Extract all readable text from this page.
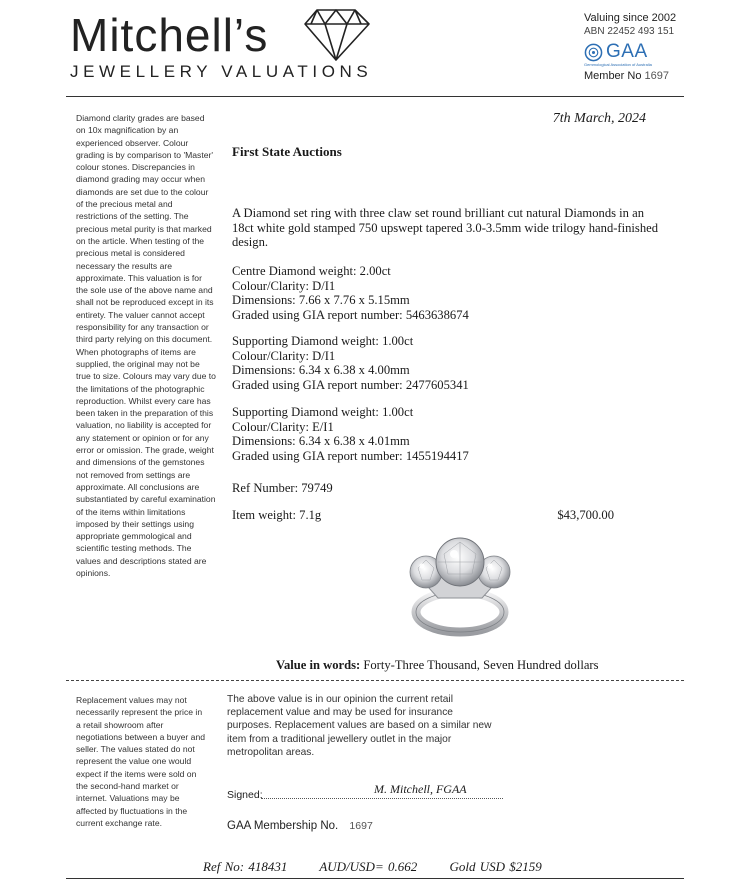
Mitchell’s
JEWELLERY VALUATIONS
Valuing since 2002
ABN 22452 493 151
GAA
Gemmological Association of Australia
Member No 1697
Diamond clarity grades are based on 10x magnification by an experienced observer. Colour grading is by comparison to 'Master' colour stones. Discrepancies in diamond grading may occur when diamonds are set due to the colour of the precious metal and restrictions of the setting. The precious metal purity is that marked on the article. When testing of the precious metal is considered necessary the results are approximate. This valuation is for the sole use of the above name and shall not be reproduced except in its entirety. The valuer cannot accept responsibility for any transaction or third party relying on this document. When photographs of items are supplied, the original may not be true to size. Colours may vary due to the limitations of the photographic reproduction. Whilst every care has been taken in the preparation of this valuation, no liability is accepted for any statement or opinion or for any error or omission. The grade, weight and dimensions of the gemstones not removed from settings are approximate. All conclusions are substantiated by careful examination of the items within limitations imposed by their settings using appropriate gemmological and scientific testing methods. The values and descriptions stated are opinions.
7th March, 2024
First State Auctions
A Diamond set ring with three claw set round brilliant cut natural Diamonds in an 18ct white gold stamped 750 upswept tapered 3.0-3.5mm wide trilogy hand-finished design.
Centre Diamond weight: 2.00ct
Colour/Clarity: D/I1
Dimensions: 7.66 x 7.76 x 5.15mm
Graded using GIA report number: 5463638674
Supporting Diamond weight: 1.00ct
Colour/Clarity: D/I1
Dimensions: 6.34 x 6.38 x 4.00mm
Graded using GIA report number: 2477605341
Supporting Diamond weight: 1.00ct
Colour/Clarity: E/I1
Dimensions: 6.34 x 6.38 x 4.01mm
Graded using GIA report number: 1455194417
Ref Number: 79749
Item weight: 7.1g	$43,700.00
Value in words: Forty-Three Thousand, Seven Hundred dollars
Replacement values may not necessarily represent the price in a retail showroom after negotiations between a buyer and seller. The values stated do not represent the value one would expect if the items were sold on the second-hand market or internet. Valuations may be affected by fluctuations in the current exchange rate.
The above value is in our opinion the current retail replacement value and may be used for insurance purposes. Replacement values are based on a similar new item from a traditional jewellery outlet in the major metropolitan areas.
Signed:	M. Mitchell, FGAA
GAA Membership No. 1697
Ref No: 418431 AUD/USD= 0.662 Gold USD $2159
